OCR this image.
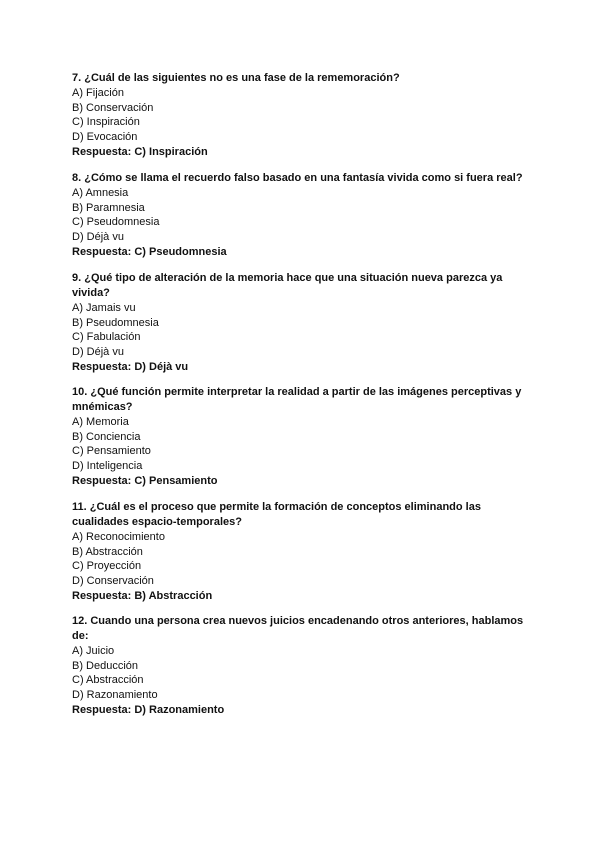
7. ¿Cuál de las siguientes no es una fase de la rememoración?

A) Fijación

B) Conservación

C) Inspiración

D) Evocación

Respuesta: C) Inspiración

8. ¿Cómo se llama el recuerdo falso basado en una fantasía vivida como si fuera real?

A) Amnesia

B) Paramnesia

C) Pseudomnesia

D) Déjà vu

Respuesta: C) Pseudomnesia

9. ¿Qué tipo de alteración de la memoria hace que una situación nueva parezca ya vivida?

A) Jamais vu

B) Pseudomnesia

C) Fabulación

D) Déjà vu

Respuesta: D) Déjà vu

10. ¿Qué función permite interpretar la realidad a partir de las imágenes perceptivas y mnémicas?

A) Memoria

B) Conciencia

C) Pensamiento

D) Inteligencia

Respuesta: C) Pensamiento

11. ¿Cuál es el proceso que permite la formación de conceptos eliminando las cualidades espacio-temporales?

A) Reconocimiento

B) Abstracción

C) Proyección

D) Conservación

Respuesta: B) Abstracción

12. Cuando una persona crea nuevos juicios encadenando otros anteriores, hablamos de:

A) Juicio

B) Deducción

C) Abstracción

D) Razonamiento

Respuesta: D) Razonamiento
